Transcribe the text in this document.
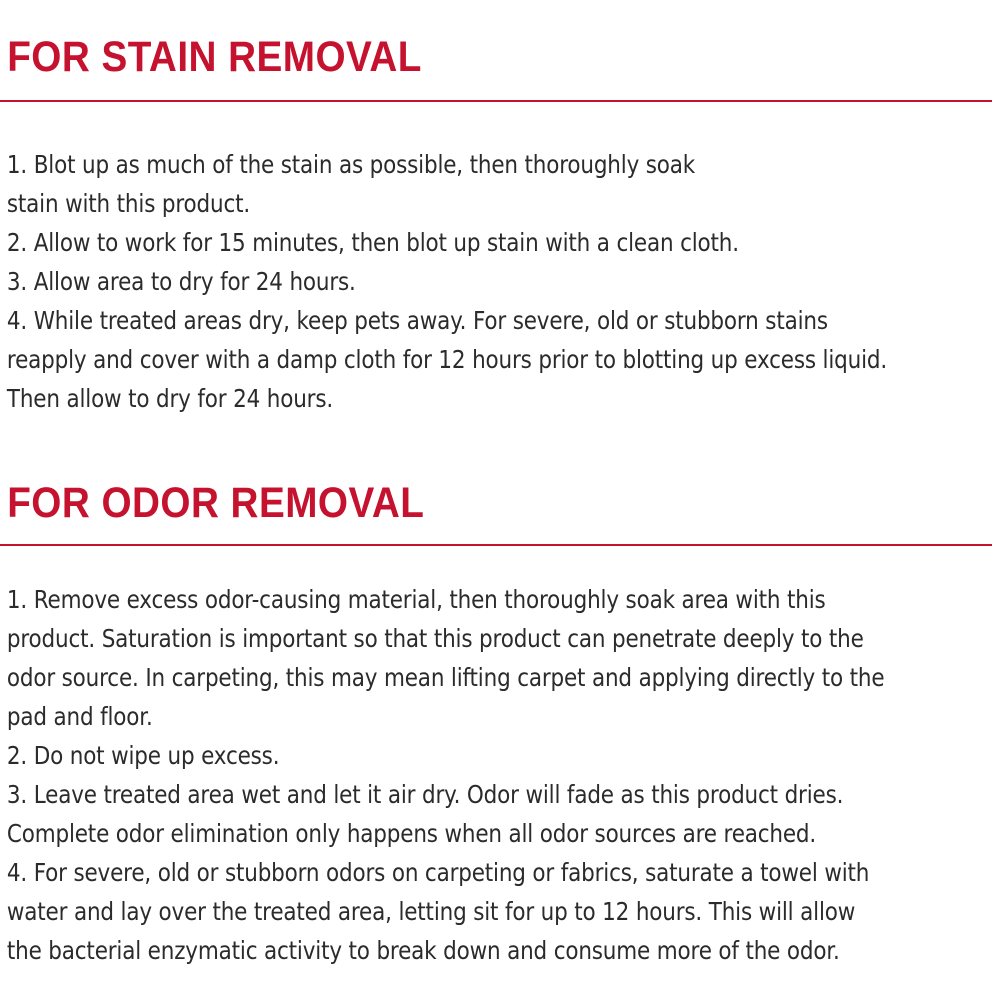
FOR STAIN REMOVAL
1. Blot up as much of the stain as possible, then thoroughly soak
stain with this product.
2. Allow to work for 15 minutes, then blot up stain with a clean cloth.
3. Allow area to dry for 24 hours.
4. While treated areas dry, keep pets away. For severe, old or stubborn stains
reapply and cover with a damp cloth for 12 hours prior to blotting up excess liquid.
Then allow to dry for 24 hours.
FOR ODOR REMOVAL
1. Remove excess odor-causing material, then thoroughly soak area with this
product. Saturation is important so that this product can penetrate deeply to the
odor source. In carpeting, this may mean lifting carpet and applying directly to the
pad and floor.
2. Do not wipe up excess.
3. Leave treated area wet and let it air dry. Odor will fade as this product dries.
Complete odor elimination only happens when all odor sources are reached.
4. For severe, old or stubborn odors on carpeting or fabrics, saturate a towel with
water and lay over the treated area, letting sit for up to 12 hours. This will allow
the bacterial enzymatic activity to break down and consume more of the odor.
